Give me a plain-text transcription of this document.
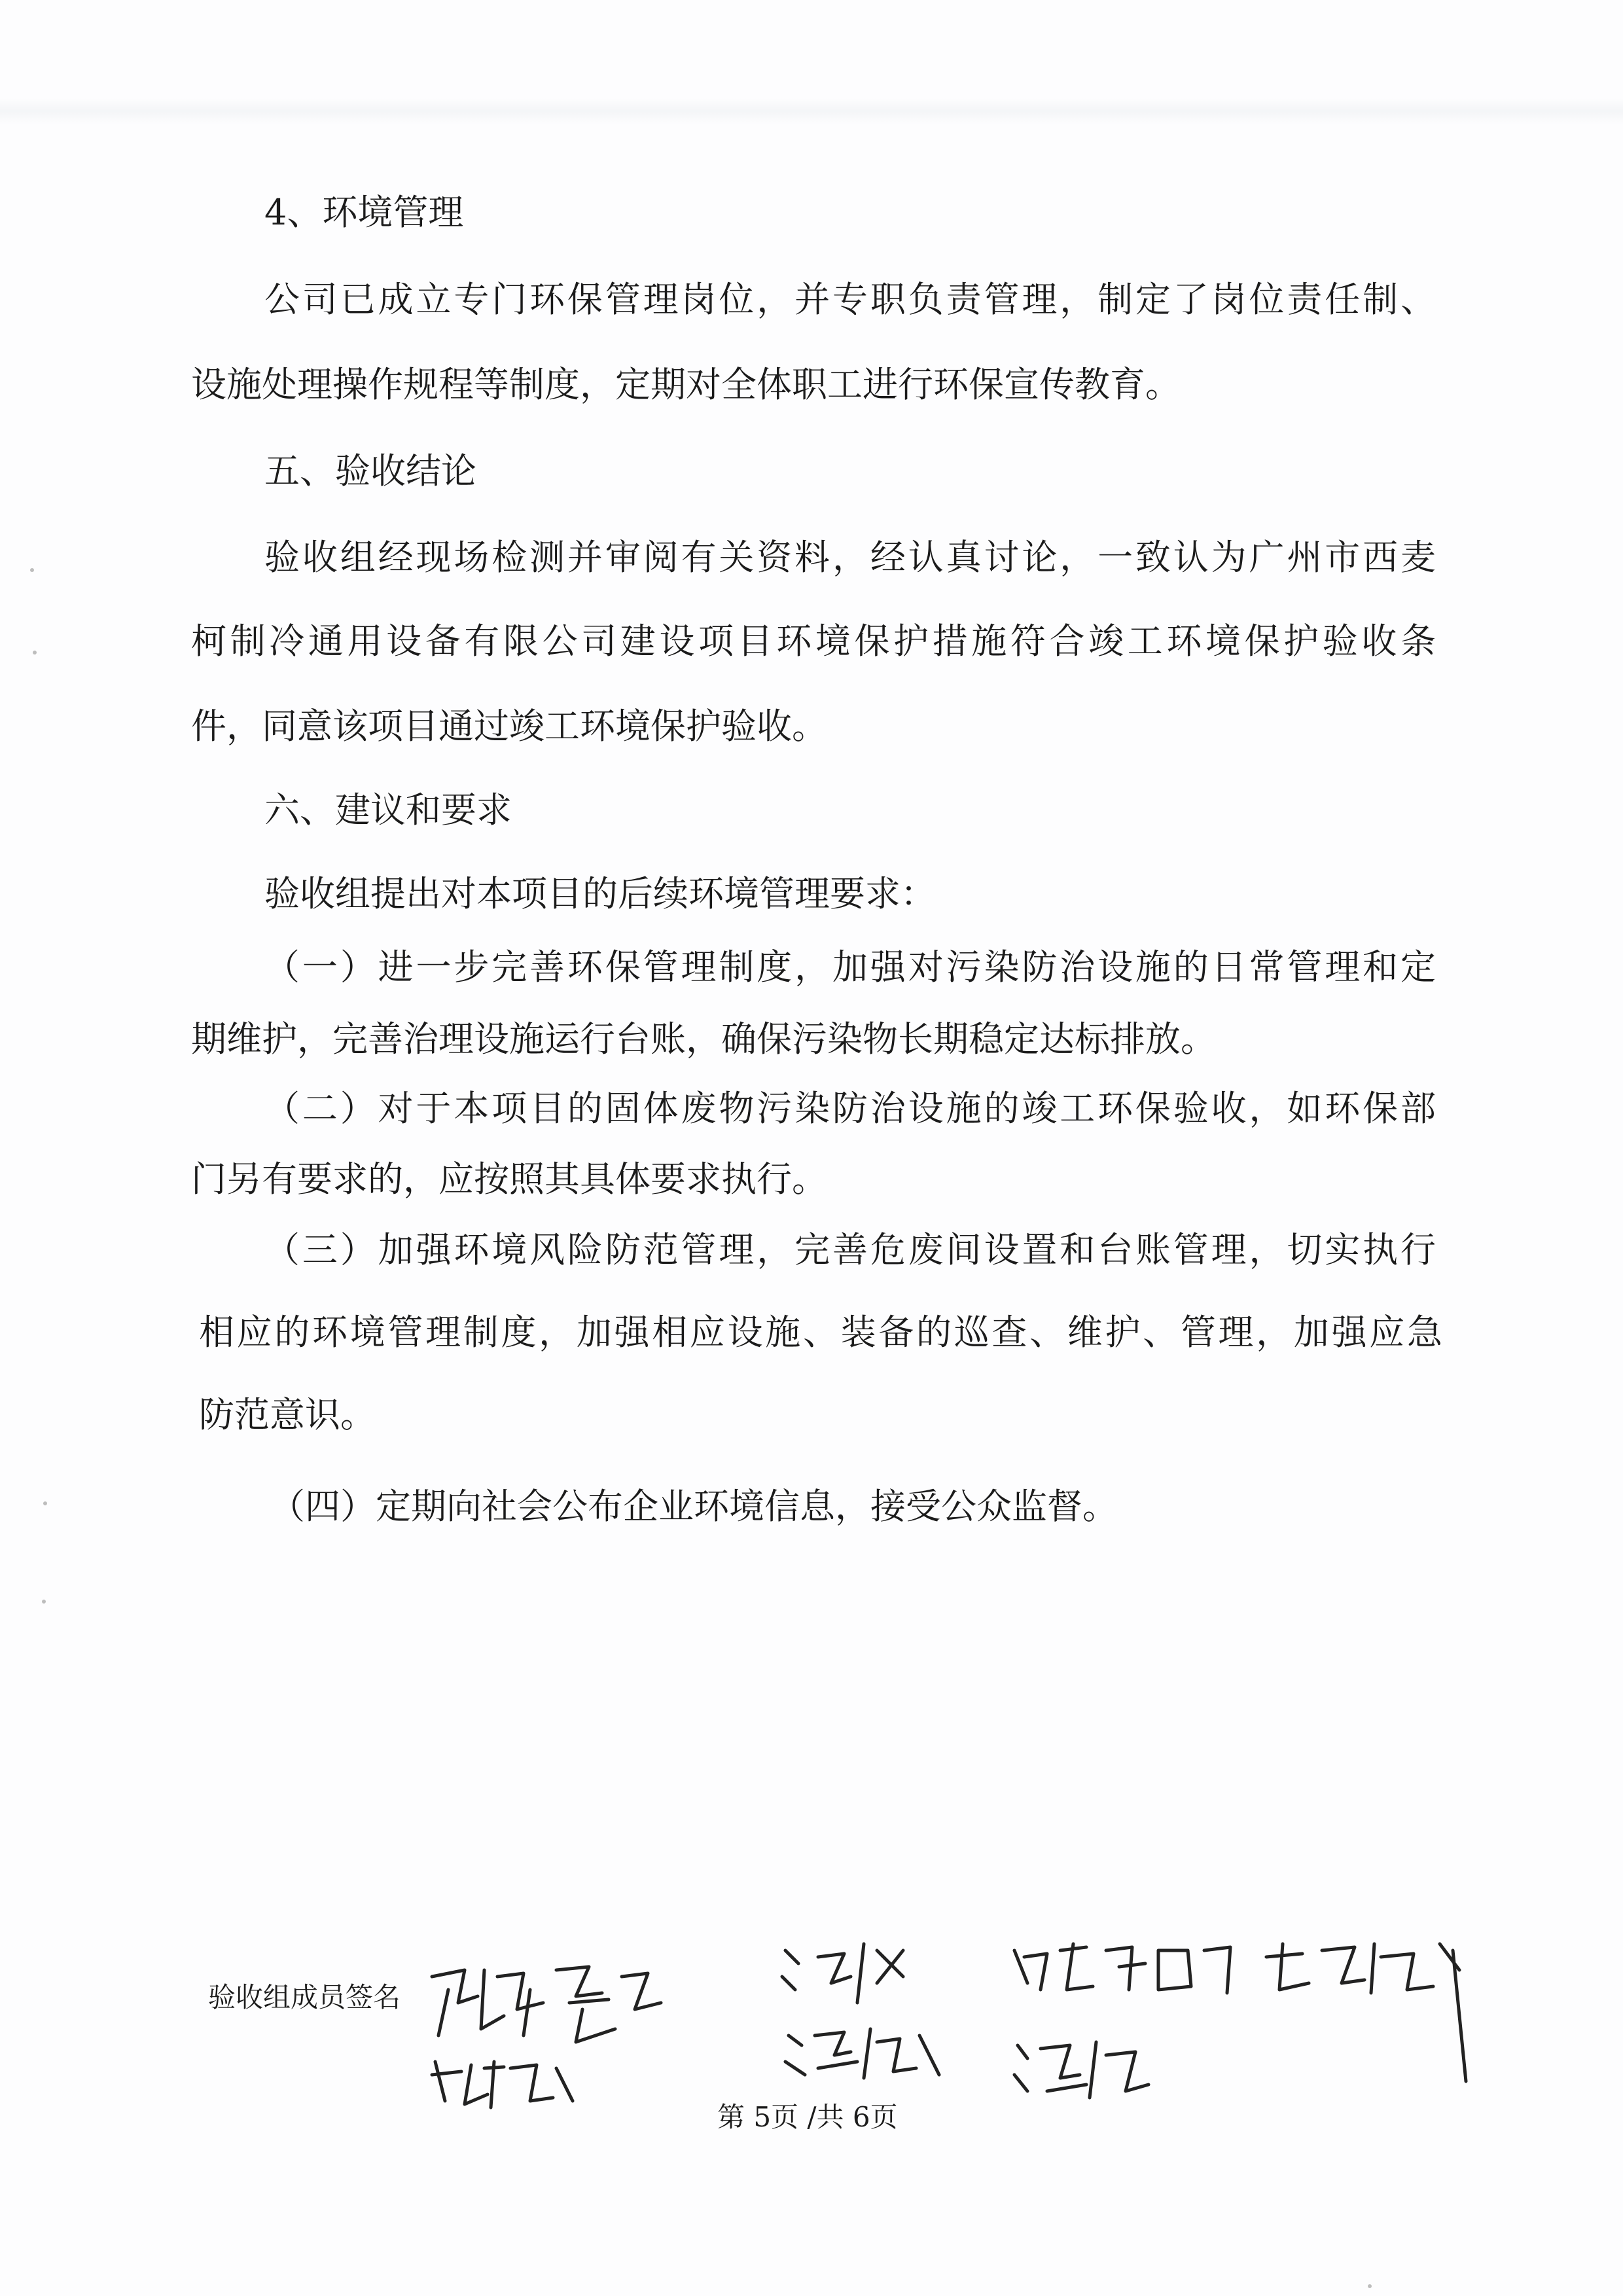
4、环境管理

公司已成立专门环保管理岗位，并专职负责管理，制定了岗位责任制、

设施处理操作规程等制度，定期对全体职工进行环保宣传教育。

五、验收结论

验收组经现场检测并审阅有关资料，经认真讨论，一致认为广州市西麦

柯制冷通用设备有限公司建设项目环境保护措施符合竣工环境保护验收条

件，同意该项目通过竣工环境保护验收。

六、建议和要求

验收组提出对本项目的后续环境管理要求：

（一）进一步完善环保管理制度，加强对污染防治设施的日常管理和定

期维护，完善治理设施运行台账，确保污染物长期稳定达标排放。

（二）对于本项目的固体废物污染防治设施的竣工环保验收，如环保部

门另有要求的，应按照其具体要求执行。

（三）加强环境风险防范管理，完善危废间设置和台账管理，切实执行

相应的环境管理制度，加强相应设施、装备的巡查、维护、管理，加强应急

防范意识。

（四）定期向社会公布企业环境信息，接受公众监督。

验收组成员签名
第 5页 /共 6页
